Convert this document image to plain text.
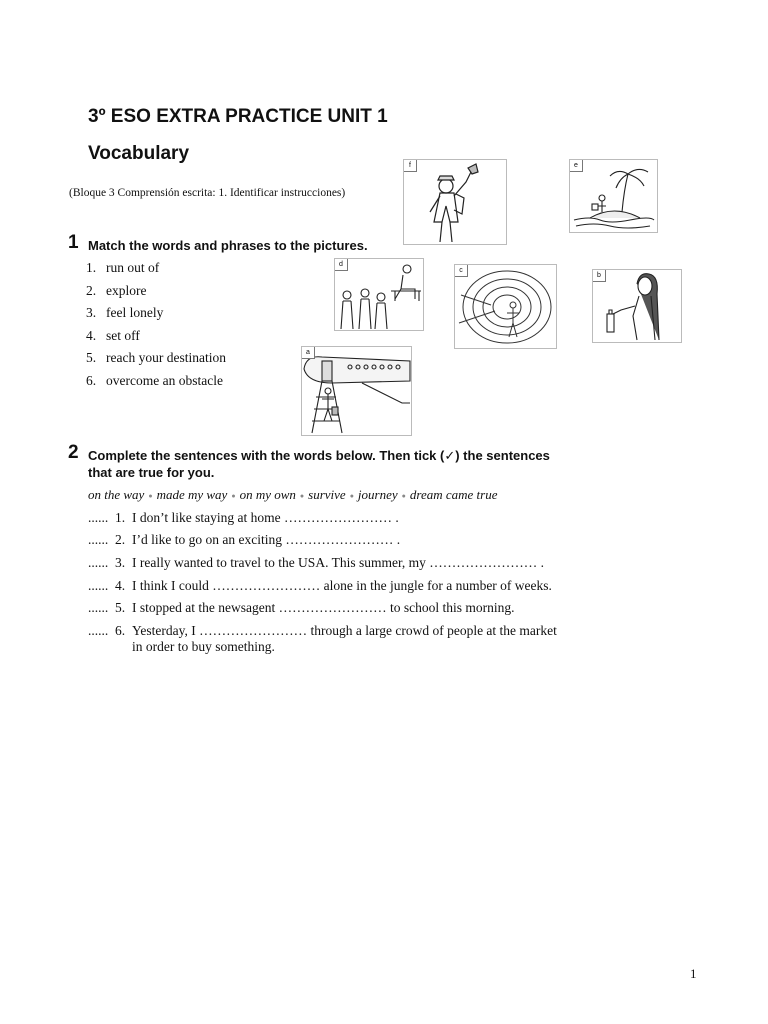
3º ESO EXTRA PRACTICE UNIT 1
Vocabulary
(Bloque 3 Comprensión escrita: 1. Identificar instrucciones)
1 Match the words and phrases to the pictures.
1. run out of
2. explore
3. feel lonely
4. set off
5. reach your destination
6. overcome an obstacle
f	e
d
c
b
a
2 Complete the sentences with the words below. Then tick (✓) the sentences
that are true for you.
on the way ● made my way ● on my own ● survive ● journey ● dream came true
...... 1. I don’t like staying at home …………………… .
...... 2. I’d like to go on an exciting …………………… .
...... 3. I really wanted to travel to the USA. This summer, my …………………… .
...... 4. I think I could …………………… alone in the jungle for a number of weeks.
...... 5. I stopped at the newsagent …………………… to school this morning.
...... 6. Yesterday, I …………………… through a large crowd of people at the market
in order to buy something.
1
